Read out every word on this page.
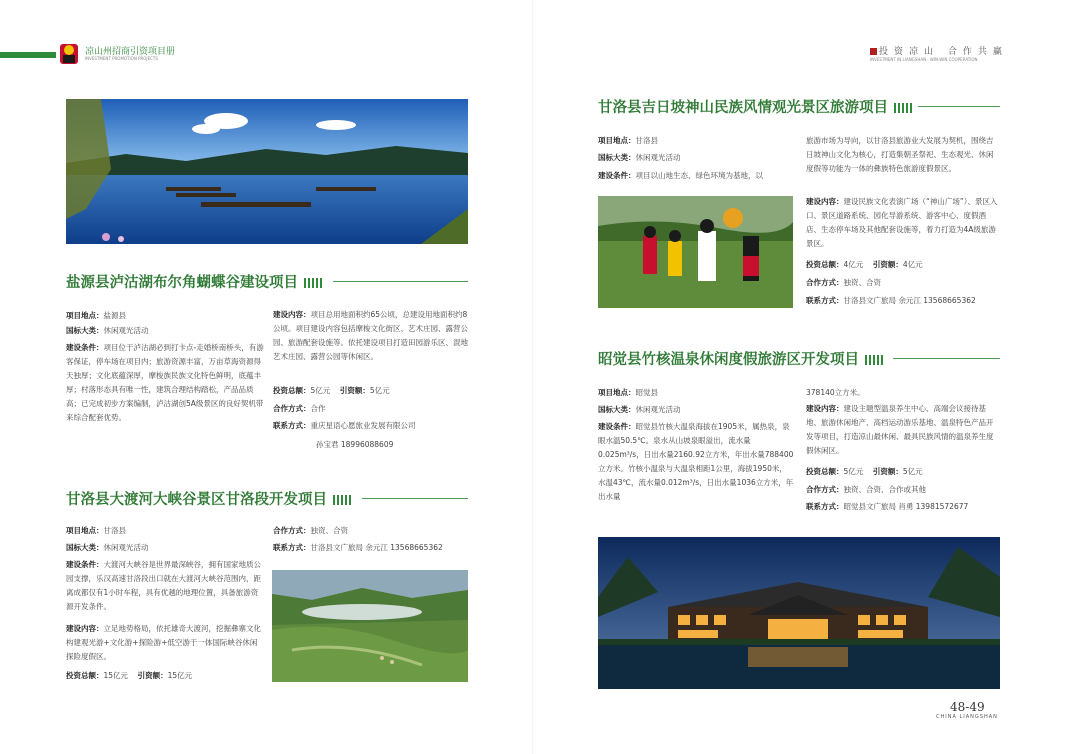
凉山州招商引资项目册
INVESTMENT PROMOTION PROJECTS
投资凉山 合作共赢
INVESTMENT IN LIANGSHAN · WIN-WIN COOPERATION
盐源县泸沽湖布尔角蝴蝶谷建设项目
项目地点：盐源县
国标大类：休闲观光活动
建设条件：项目位于泸沽湖必到打卡点-走婚桥南桥头，有游客保证，停车场在项目内；旅游资源丰富，万亩草海资源得天独厚；文化底蕴深厚，摩梭族民族文化特色鲜明，底蕴丰厚；村落形态具有唯一性，建筑合理结构踏松，产品品质高；已完成初步方案编制，泸沽湖创5A级景区的良好契机带来综合配套优势。
建设内容：项目总用地面积约65公顷，总建设用地面积约8公顷。项目建设内容包括摩梭文化街区、艺术庄园、露营公园、旅游配套设施等。依托建设项目打造田园游乐区、混地艺术庄园、露营公园等休闲区。
投资总额：5亿元 引资额：5亿元
合作方式：合作
联系方式：重庆星语心愿旅业发展有限公司
孙宝君 18996088609
甘洛县大渡河大峡谷景区甘洛段开发项目
项目地点：甘洛县
国标大类：休闲观光活动
建设条件：大渡河大峡谷是世界最深峡谷，拥有国家地质公园支撑，乐汉高速甘洛段出口就在大渡河大峡谷范围内，距离成都仅有1小时车程，具有优越的地理位置，具备旅游资源开发条件。
建设内容：立足地势格局，依托雄奇大渡河，挖掘彝寨文化构建观光游+文化游+探险游+低空游于一体国际峡谷休闲探险度假区。
投资总额：15亿元 引资额：15亿元
合作方式：独资、合资
联系方式：甘洛县文广旅局 余元江 13568665362
甘洛县吉日坡神山民族风情观光景区旅游项目
项目地点：甘洛县
国标大类：休闲观光活动
建设条件：项目以山地生态、绿色环境为基地，以
旅游市场为导向，以甘洛县旅游业大发展为契机，围绕吉日坡神山文化为核心，打造集朝圣祭祀、生态观光、休闲度假等功能为一体的彝族特色旅游度假景区。
建设内容：建设民族文化表演广场（“神山广场”）、景区入口、景区道路系统、园化导游系统、游客中心、度假酒店、生态停车场及其他配套设施等，着力打造为4A级旅游景区。
投资总额：4亿元 引资额：4亿元
合作方式：独资、合资
联系方式：甘洛县文广旅局 余元江 13568665362
昭觉县竹核温泉休闲度假旅游区开发项目
项目地点：昭觉县
国标大类：休闲观光活动
建设条件：昭觉县竹核大温泉海拔在1905米，属热泉，泉眼水温50.5℃。泉水从山坡泉眼溢出，流水量0.025m³/s，日出水量2160.92立方米，年出水量788400立方米。竹核小温泉与大温泉相距1公里，海拔1950米，水温43℃，流水量0.012m³/s，日出水量1036立方米，年出水量
378140立方米。
建设内容：建设主题型温泉养生中心、高端会议接待基地、旅游休闲地产、高档运动游乐基地、温泉特色产品开发等项目，打造凉山最休闲、最具民族风情的温泉养生度假休闲区。
投资总额：5亿元 引资额：5亿元
合作方式：独资、合资、合作或其他
联系方式：昭觉县文广旅局 肖勇 13981572677
48-49
CHINA LIANGSHAN
